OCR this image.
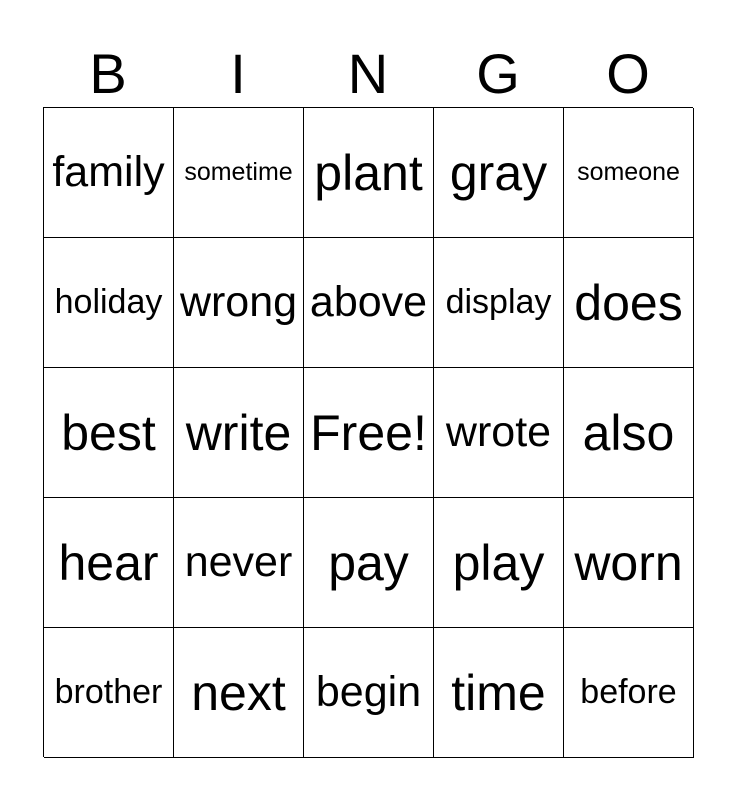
B	I	N	G	O
family sometime plant gray	someone
holiday wrong above display does
best write Free! wrote also
hear never pay play worn
brother next begin time	before
